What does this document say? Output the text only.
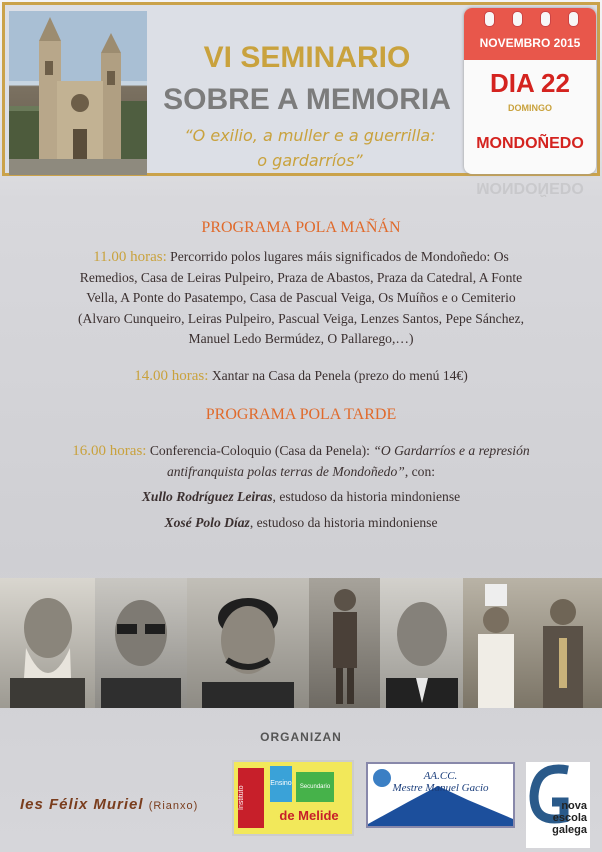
VI SEMINARIO
SOBRE A MEMORIA
“O exilio, a muller e a guerrilla:
o gardarríos”
NOVEMBRO 2015
DIA 22
DOMINGO
MONDOÑEDO
MONDOÑEDO
PROGRAMA POLA MAÑÁN
11.00 horas: Percorrido polos lugares máis significados de Mondoñedo: Os
Remedios, Casa de Leiras Pulpeiro, Praza de Abastos, Praza da Catedral, A Fonte
Vella, A Ponte do Pasatempo, Casa de Pascual Veiga, Os Muíños e o Cemiterio
(Alvaro Cunqueiro, Leiras Pulpeiro, Pascual Veiga, Lenzes Santos, Pepe Sánchez,
Manuel Ledo Bermúdez, O Pallarego,…)
14.00 horas: Xantar na Casa da Penela (prezo do menú 14€)
PROGRAMA POLA TARDE
16.00 horas: Conferencia-Coloquio (Casa da Penela): “O Gardarríos e a represión
antifranquista polas terras de Mondoñedo”, con:
Xullo Rodríguez Leiras, estudoso da historia mindoniense
Xosé Polo Díaz, estudoso da historia mindoniense
ORGANIZAN
Ies Félix Muriel (Rianxo)	Instituto
Ensino	Secundario
de Melide
AA.CC.
Mestre Manuel Gacio
nova
escola
galega
